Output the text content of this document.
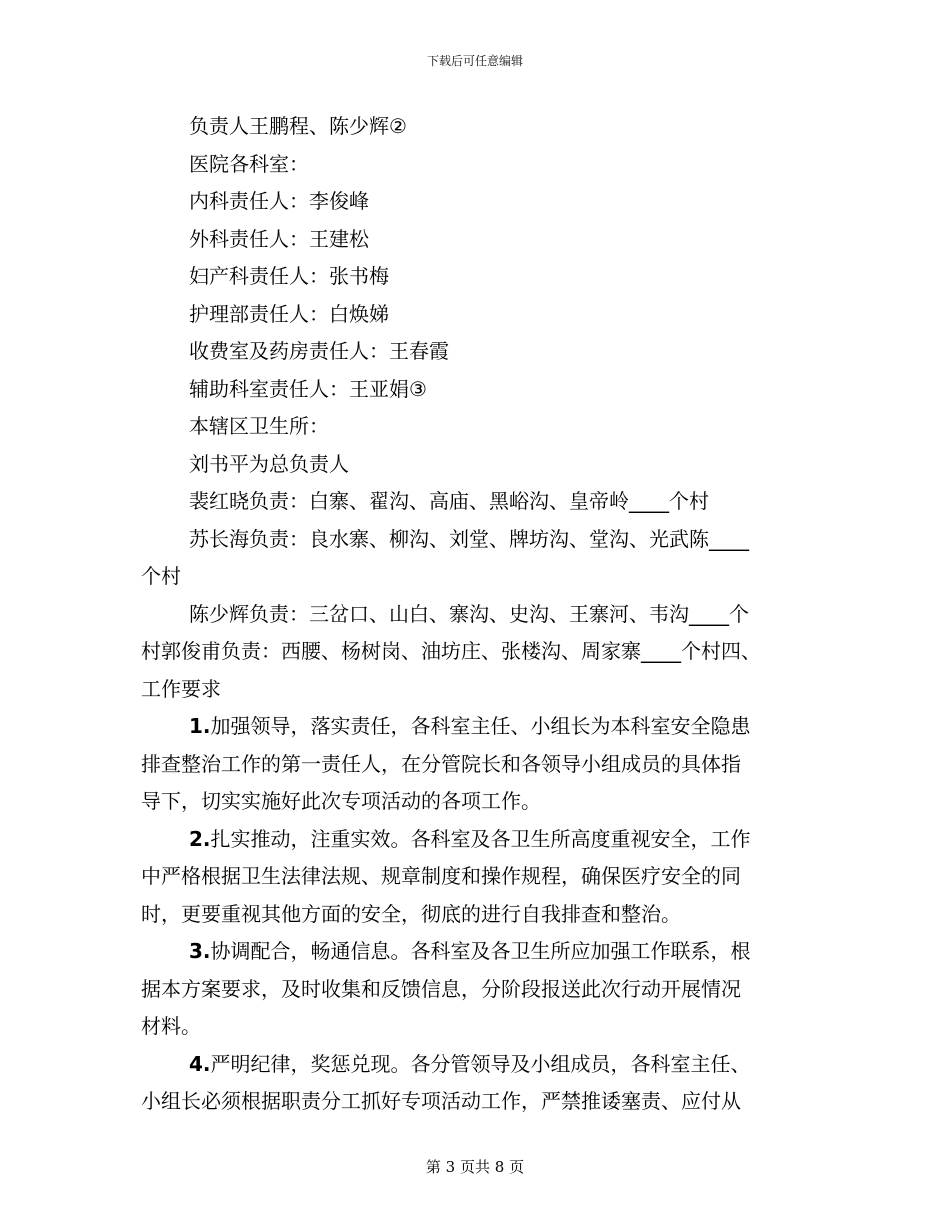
下载后可任意编辑
负责人王鹏程、陈少辉②
医院各科室：
内科责任人：李俊峰
外科责任人：王建松
妇产科责任人：张书梅
护理部责任人：白焕娣
收费室及药房责任人：王春霞
辅助科室责任人：王亚娟③
本辖区卫生所：
刘书平为总负责人
裴红晓负责：白寨、翟沟、高庙、黑峪沟、皇帝岭____个村
苏长海负责：良水寨、柳沟、刘堂、牌坊沟、堂沟、光武陈____
个村
陈少辉负责：三岔口、山白、寨沟、史沟、王寨河、韦沟____个
村郭俊甫负责：西腰、杨树岗、油坊庄、张楼沟、周家寨____个村四、
工作要求
1.加强领导，落实责任，各科室主任、小组长为本科室安全隐患
排查整治工作的第一责任人，在分管院长和各领导小组成员的具体指
导下，切实实施好此次专项活动的各项工作。
2.扎实推动，注重实效。各科室及各卫生所高度重视安全，工作
中严格根据卫生法律法规、规章制度和操作规程，确保医疗安全的同
时，更要重视其他方面的安全，彻底的进行自我排查和整治。
3.协调配合，畅通信息。各科室及各卫生所应加强工作联系，根
据本方案要求，及时收集和反馈信息，分阶段报送此次行动开展情况
材料。
4.严明纪律，奖惩兑现。各分管领导及小组成员，各科室主任、
小组长必须根据职责分工抓好专项活动工作，严禁推诿塞责、应付从
第 3 页共 8 页
